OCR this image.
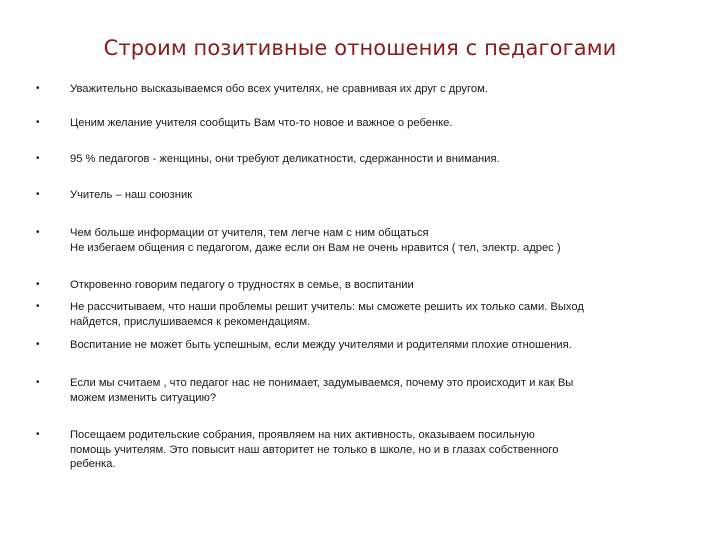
Строим позитивные отношения с педагогами
•	Уважительно высказываемся обо всех учителях, не сравнивая их друг с другом.
•	Ценим желание учителя сообщить Вам что-то новое и важное о ребенке.
•	95 % педагогов - женщины, они требуют деликатности, сдержанности и внимания.
•	Учитель – наш союзник
•	Чем больше информации от учителя, тем легче нам с ним общаться
Не избегаем общения с педагогом, даже если он Вам не очень нравится ( тел, электр. адрес )
•	Откровенно говорим педагогу о трудностях в семье, в воспитании
•	Не рассчитываем, что наши проблемы решит учитель: мы сможете решить их только сами. Выход
найдется, прислушиваемся к рекомендациям.
•	Воспитание не может быть успешным, если между учителями и родителями плохие отношения.
•	Если мы считаем , что педагог нас не понимает, задумываемся, почему это происходит и как Вы
можем изменить ситуацию?
•	Посещаем родительские собрания, проявляем на них активность, оказываем посильную
помощь учителям. Это повысит наш авторитет не только в школе, но и в глазах собственного
ребенка.
